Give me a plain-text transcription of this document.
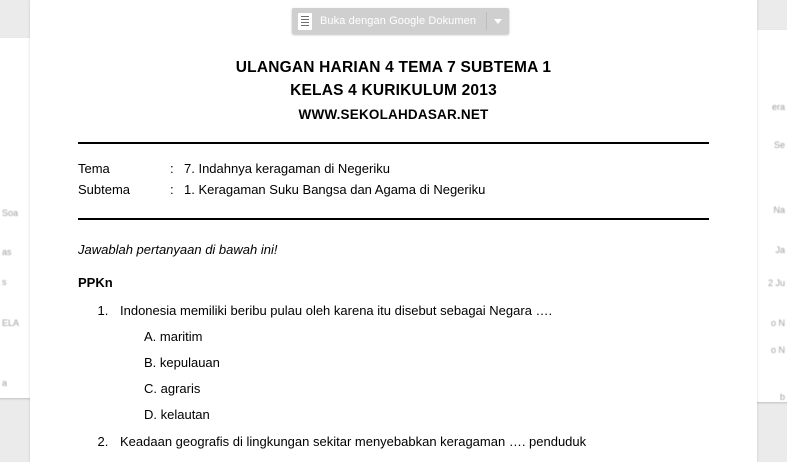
Soa
as
s
ELA
a
era
Se
Na
Ja
2 Ju
o N
o N
b
ULANGAN HARIAN 4 TEMA 7 SUBTEMA 1
KELAS 4 KURIKULUM 2013
WWW.SEKOLAHDASAR.NET
Tema	:	7. Indahnya keragaman di Negeriku
Subtema	:	1. Keragaman Suku Bangsa dan Agama di Negeriku
Jawablah pertanyaan di bawah ini!
PPKn
1. Indonesia memiliki beribu pulau oleh karena itu disebut sebagai Negara ….
A. maritim
B. kepulauan
C. agraris
D. kelautan
2. Keadaan geografis di lingkungan sekitar menyebabkan keragaman …. penduduk
Buka dengan Google Dokumen
